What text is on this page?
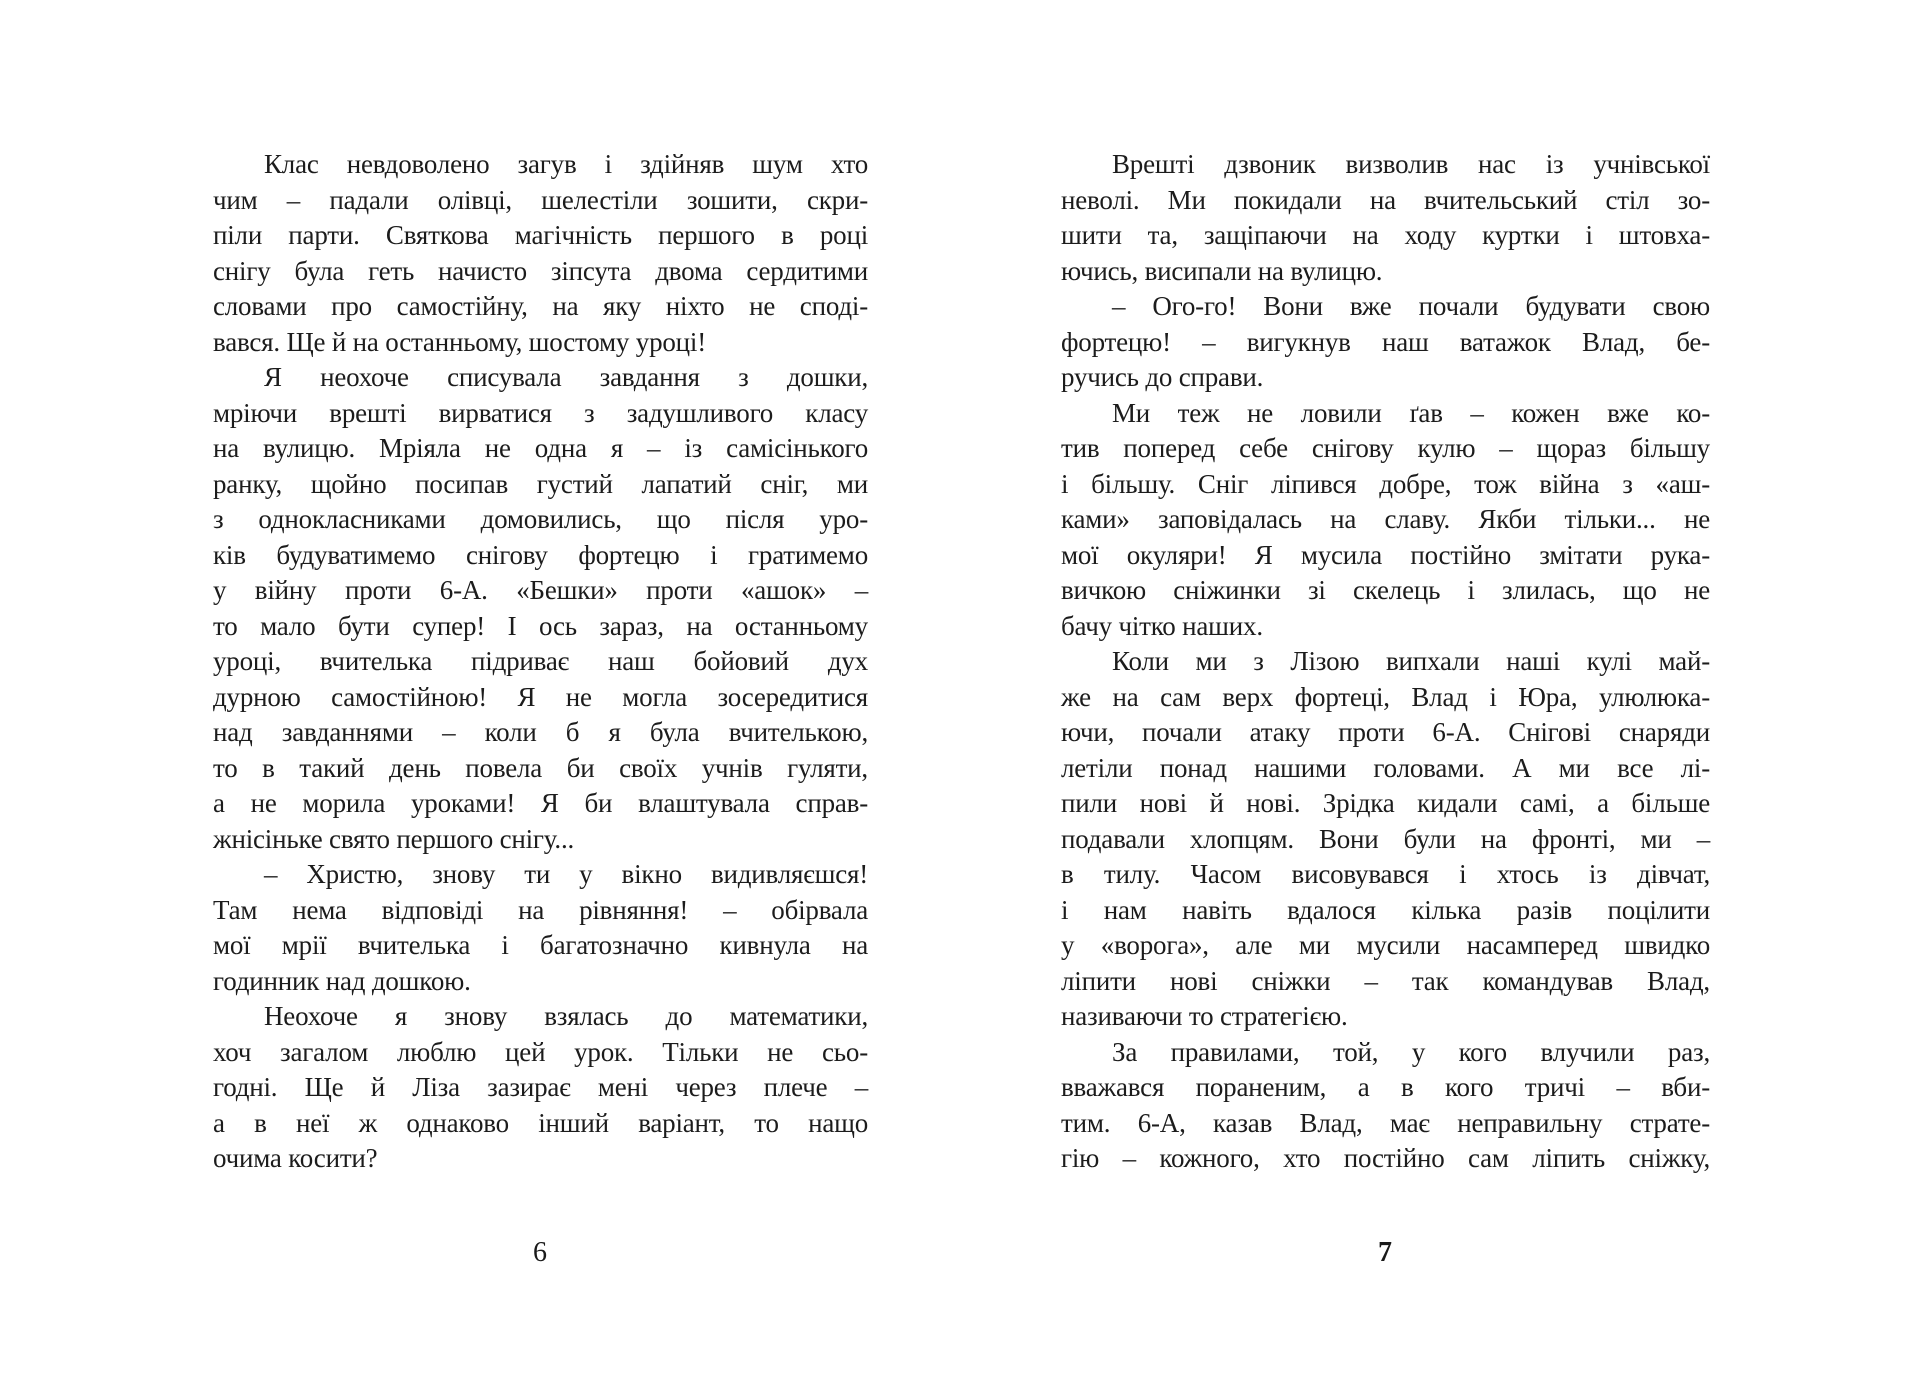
Клас невдоволено загув і здійняв шум хто
чим – падали олівці, шелестіли зошити, скри-
піли парти. Святкова магічність першого в році
снігу була геть начисто зіпсута двома сердитими
словами про самостійну, на яку ніхто не споді-
вався. Ще й на останньому, шостому уроці!
Я неохоче списувала завдання з дошки,
мріючи врешті вирватися з задушливого класу
на вулицю. Мріяла не одна я – із самісінького
ранку, щойно посипав густий лапатий сніг, ми
з однокласниками домовились, що після уро-
ків будуватимемо снігову фортецю і гратимемо
у війну проти 6-А. «Бешки» проти «ашок» –
то мало бути супер! І ось зараз, на останньому
уроці, вчителька підриває наш бойовий дух
дурною самостійною! Я не могла зосередитися
над завданнями – коли б я була вчителькою,
то в такий день повела би своїх учнів гуляти,
а не морила уроками! Я би влаштувала справ-
жнісіньке свято першого снігу...
– Христю, знову ти у вікно видивляєшся!
Там нема відповіді на рівняння! – обірвала
мої мрії вчителька і багатозначно кивнула на
годинник над дошкою.
Неохоче я знову взялась до математики,
хоч загалом люблю цей урок. Тільки не сьо-
годні. Ще й Ліза зазирає мені через плече –
а в неї ж однаково інший варіант, то нащо
очима косити?
6
Врешті дзвоник визволив нас із учнівської
неволі. Ми покидали на вчительський стіл зо-
шити та, защіпаючи на ходу куртки і штовха-
ючись, висипали на вулицю.
– Ого-го! Вони вже почали будувати свою
фортецю! – вигукнув наш ватажок Влад, бе-
ручись до справи.
Ми теж не ловили ґав – кожен вже ко-
тив поперед себе снігову кулю – щораз більшу
і більшу. Сніг ліпився добре, тож війна з «аш-
ками» заповідалась на славу. Якби тільки... не
мої окуляри! Я мусила постійно змітати рука-
вичкою сніжинки зі скелець і злилась, що не
бачу чітко наших.
Коли ми з Лізою випхали наші кулі май-
же на сам верх фортеці, Влад і Юра, улюлюка-
ючи, почали атаку проти 6-А. Снігові снаряди
летіли понад нашими головами. А ми все лі-
пили нові й нові. Зрідка кидали самі, а більше
подавали хлопцям. Вони були на фронті, ми –
в тилу. Часом висовувався і хтось із дівчат,
і нам навіть вдалося кілька разів поцілити
у «ворога», але ми мусили насамперед швидко
ліпити нові сніжки – так командував Влад,
називаючи то стратегією.
За правилами, той, у кого влучили раз,
вважався пораненим, а в кого тричі – вби-
тим. 6-А, казав Влад, має неправильну страте-
гію – кожного, хто постійно сам ліпить сніжку,
7
